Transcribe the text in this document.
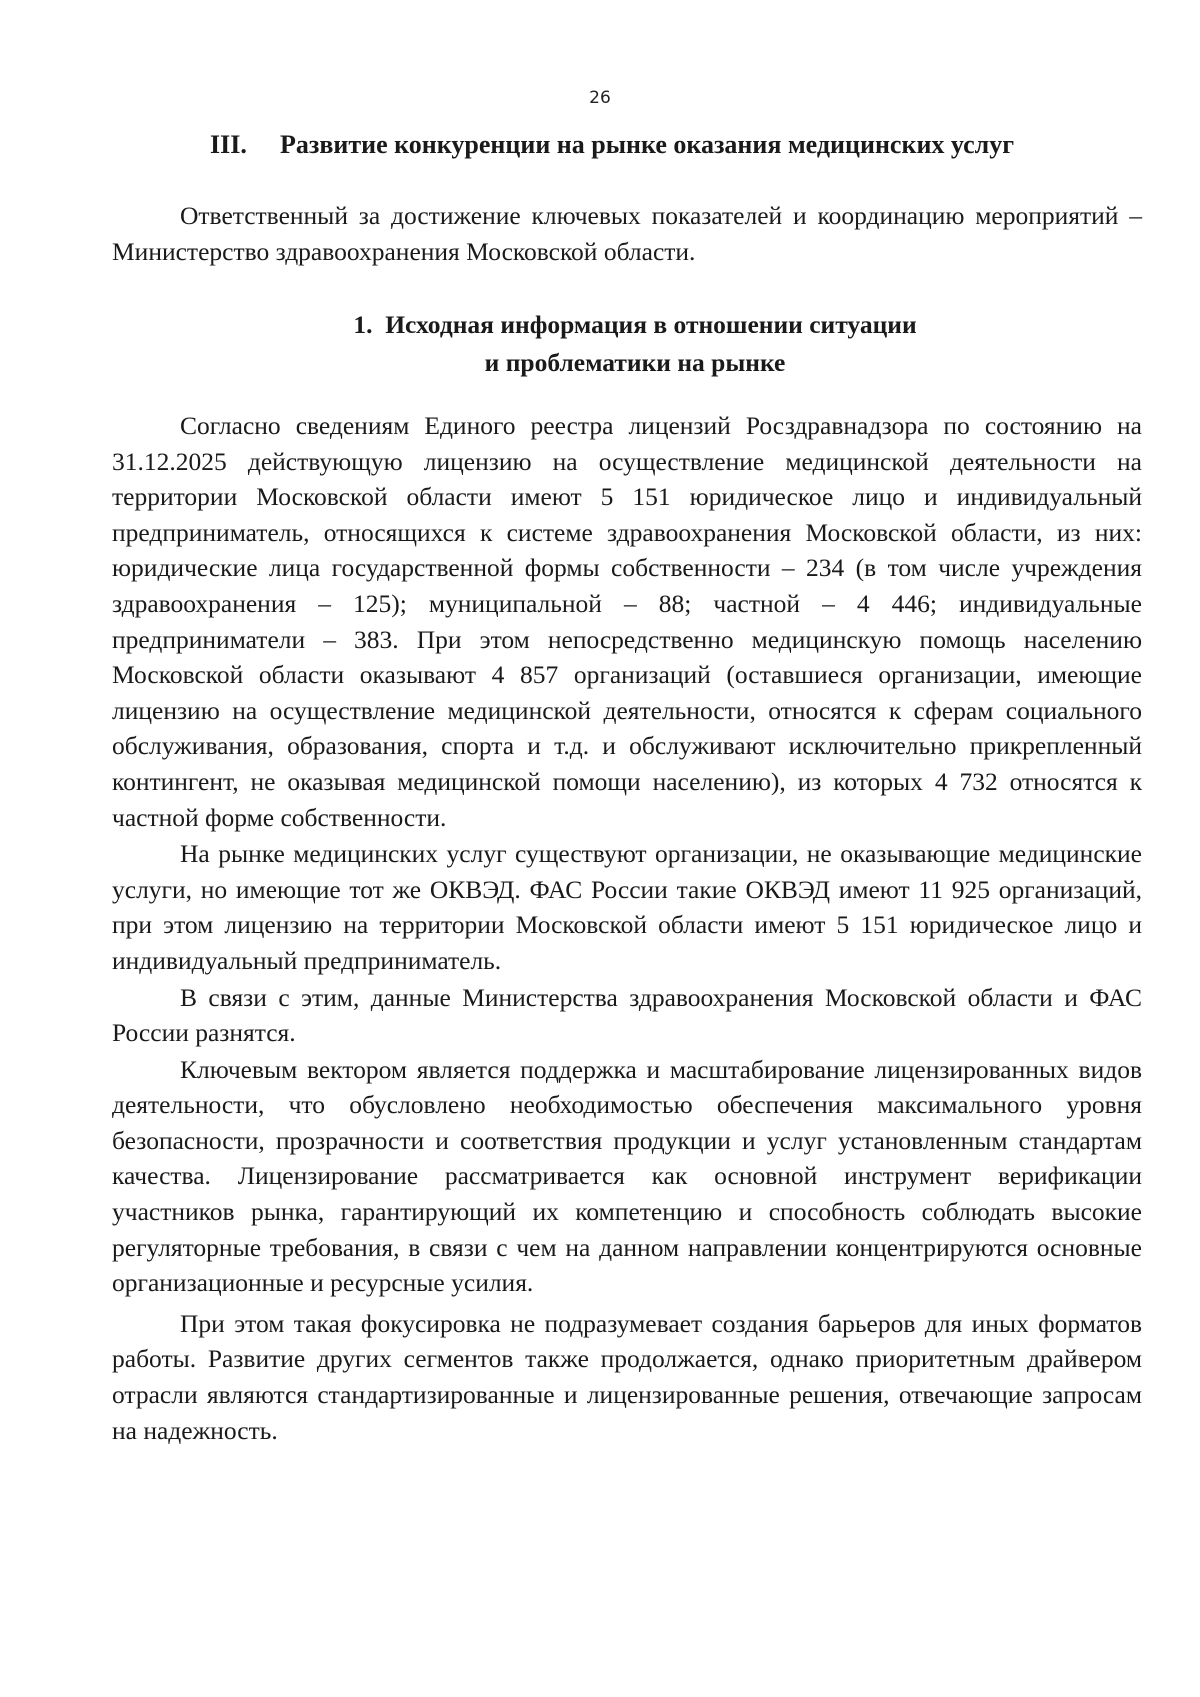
26
III. Развитие конкуренции на рынке оказания медицинских услуг

Ответственный за достижение ключевых показателей и координацию мероприятий – Министерство здравоохранения Московской области.

1. Исходная информация в отношении ситуации
и проблематики на рынке

Согласно сведениям Единого реестра лицензий Росздравнадзора по состоянию на 31.12.2025 действующую лицензию на осуществление медицинской деятельности на территории Московской области имеют 5 151 юридическое лицо и индивидуальный предприниматель, относящихся к системе здравоохранения Московской области, из них: юридические лица государственной формы собственности – 234 (в том числе учреждения здравоохранения – 125); муниципальной – 88; частной – 4 446; индивидуальные предприниматели – 383. При этом непосредственно медицинскую помощь населению Московской области оказывают 4 857 организаций (оставшиеся организации, имеющие лицензию на осуществление медицинской деятельности, относятся к сферам социального обслуживания, образования, спорта и т.д. и обслуживают исключительно прикрепленный контингент, не оказывая медицинской помощи населению), из которых 4 732 относятся к частной форме собственности.

На рынке медицинских услуг существуют организации, не оказывающие медицинские услуги, но имеющие тот же ОКВЭД. ФАС России такие ОКВЭД имеют 11 925 организаций, при этом лицензию на территории Московской области имеют 5 151 юридическое лицо и индивидуальный предприниматель.

В связи с этим, данные Министерства здравоохранения Московской области и ФАС России разнятся.

Ключевым вектором является поддержка и масштабирование лицензированных видов деятельности, что обусловлено необходимостью обеспечения максимального уровня безопасности, прозрачности и соответствия продукции и услуг установленным стандартам качества. Лицензирование рассматривается как основной инструмент верификации участников рынка, гарантирующий их компетенцию и способность соблюдать высокие регуляторные требования, в связи с чем на данном направлении концентрируются основные организационные и ресурсные усилия.

При этом такая фокусировка не подразумевает создания барьеров для иных форматов работы. Развитие других сегментов также продолжается, однако приоритетным драйвером отрасли являются стандартизированные и лицензированные решения, отвечающие запросам на надежность.
